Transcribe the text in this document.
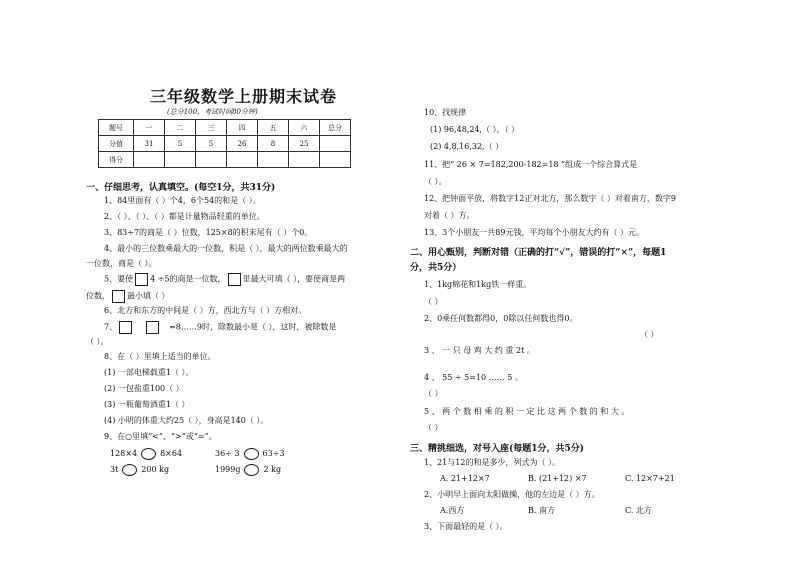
三年级数学上册期末试卷
(总分100，考试时间80分钟)
题号	一	二	三	四	五	六	总分
分值	31	5	5	26	8	25	
得分							
一、仔细思考，认真填空。(每空1分，共31分)
1、84里面有（ ）个4，6个54的和是（ ）。
2、（ ）、（ ）、（ ）都是计量物品轻重的单位。
3、83÷7的商是（ ）位数，125×8的积末尾有（ ）个0。
4、最小的三位数乘最大的一位数，积是（ ），最大的两位数乘最大的
一位数，商是（ ）。
5、要使 4 ÷5的商是一位数， 里最大可填（ ），要使商是两
位数， 最小填（ ）
6、北方和东方的中间是（ ）方，西北方与（ ）方相对。
7、	=8……9时，除数最小是（ ），这时，被除数是
（ ）。
8、在（ ）里填上适当的单位。
(1) 一部电梯载重1（ ）。
(2) 一包盐重100（ ）
(3) 一瓶葡萄酒重1（ ）
(4) 小明的体重大约25（ ），身高是140（ ）。
9、在○里填“<”、“>”或“=”。
128×4	8×64	36÷ 3	63÷3
3t	200 kg	1999g	2 kg
10、找规律
(1) 96,48,24,（ ），（ ）
(2) 4,8,16,32,（ ）
11、把“ 26 × 7=182,200-182=18 ”组成一个综合算式是
（ ）。
12、把钟面平放，将数字12正对北方，那么数字（ ）对着南方，数字9
对着（ ）方。
13、3个小朋友一共89元钱，平均每个小朋友大约有（ ）元。
二、用心甄别，判断对错（正确的打“√”，错误的打“×”，每题1
分，共5分）
1、1kg棉花和1kg铁一样重。
（ ）
2、0乘任何数都得0，0除以任何数也得0。
（ ）
3 、 一 只 母 鸡 大 约 重 2t 。
4 、 55 ÷ 5=10 …… 5 。
（ ）
5 、 两 个 数 相 乘 的 积 一 定 比 这 两 个 数 的 和 大 。
（ ）
三、精挑细选，对号入座(每题1分，共5分)
1、21与12的和是多少，列式为（ ）。
A. 21+12×7	B. (21+12) ×7	C. 12×7+21
2、小明早上面向太阳做操，他的左边是（ ）方。
A.西方	B. 南方	C. 北方
3、下面最轻的是（ ）。
